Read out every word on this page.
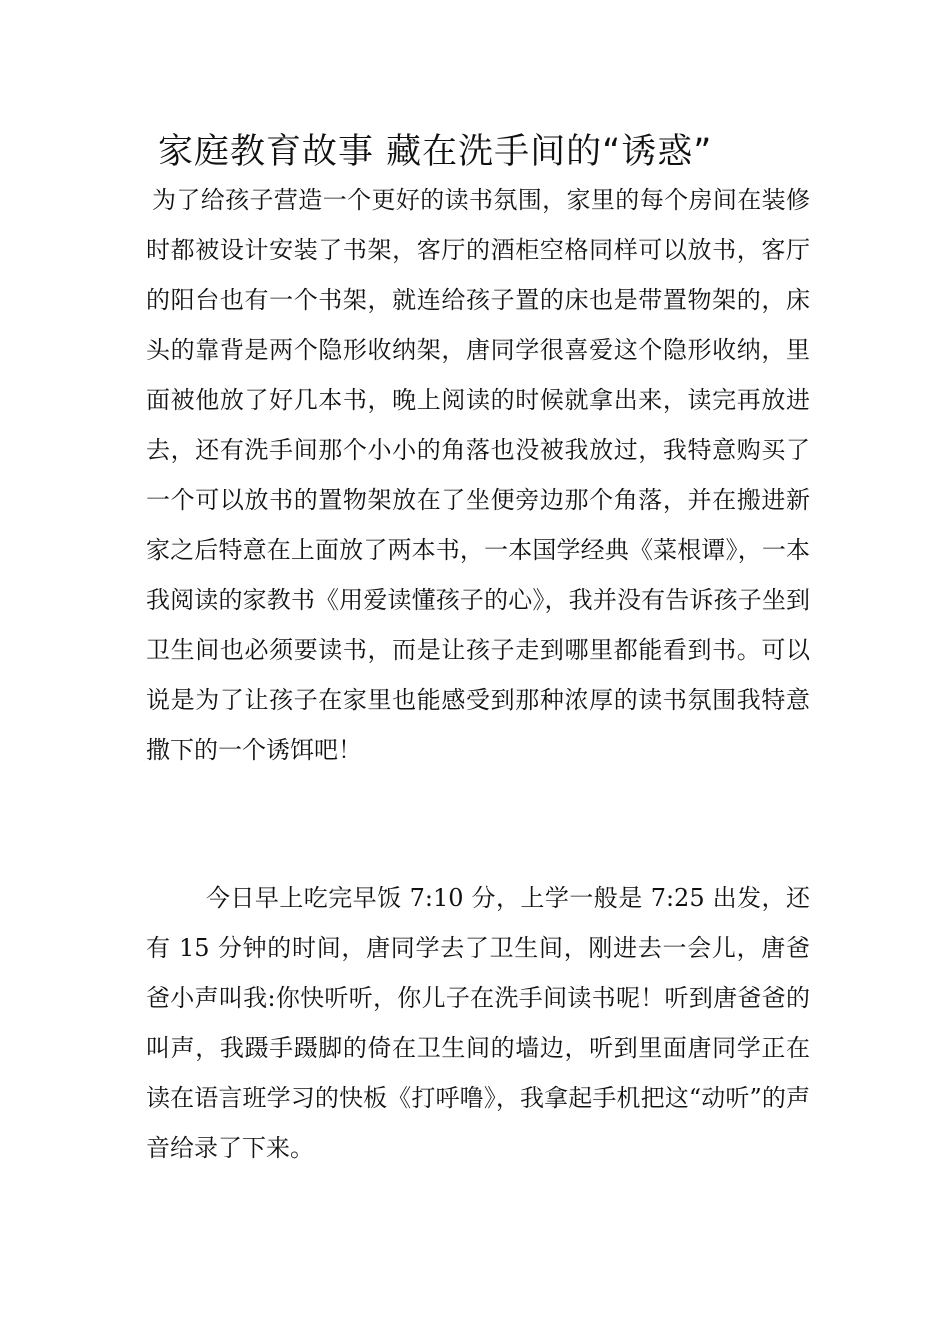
家庭教育故事 藏在洗手间的“诱惑”

为了给孩子营造一个更好的读书氛围，家里的每个房间在装修时都被设计安装了书架，客厅的酒柜空格同样可以放书，客厅的阳台也有一个书架，就连给孩子置的床也是带置物架的，床头的靠背是两个隐形收纳架，唐同学很喜爱这个隐形收纳，里面被他放了好几本书，晚上阅读的时候就拿出来，读完再放进去，还有洗手间那个小小的角落也没被我放过，我特意购买了一个可以放书的置物架放在了坐便旁边那个角落，并在搬进新家之后特意在上面放了两本书，一本国学经典《菜根谭》，一本我阅读的家教书《用爱读懂孩子的心》，我并没有告诉孩子坐到卫生间也必须要读书，而是让孩子走到哪里都能看到书。可以说是为了让孩子在家里也能感受到那种浓厚的读书氛围我特意撒下的一个诱饵吧！

今日早上吃完早饭 7:10 分，上学一般是 7:25 出发，还有 15 分钟的时间，唐同学去了卫生间，刚进去一会儿，唐爸爸小声叫我:你快听听，你儿子在洗手间读书呢！听到唐爸爸的叫声，我蹑手蹑脚的倚在卫生间的墙边，听到里面唐同学正在读在语言班学习的快板《打呼噜》，我拿起手机把这“动听”的声音给录了下来。
